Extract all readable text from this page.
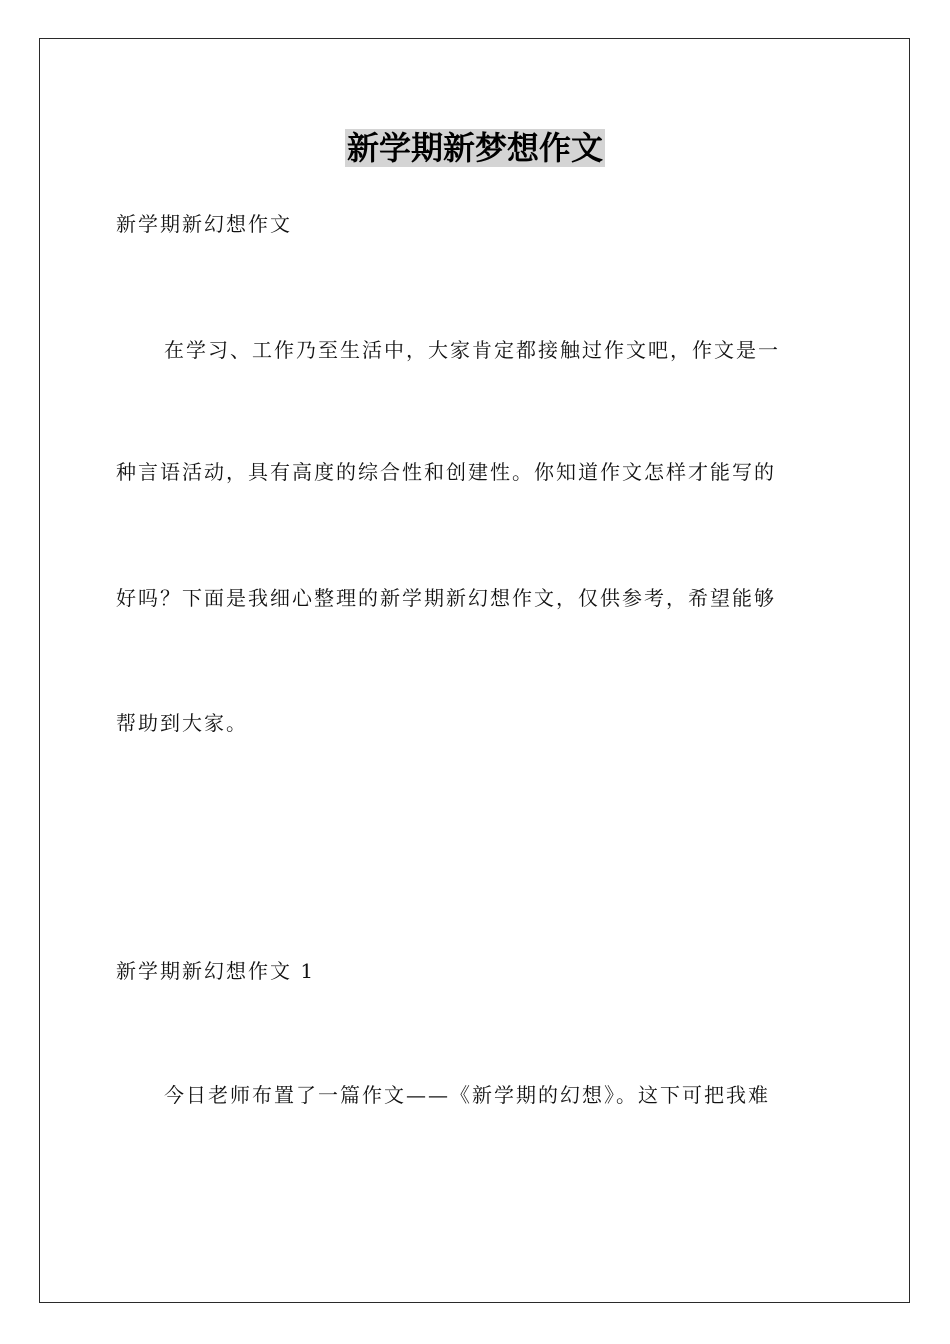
新学期新梦想作文
新学期新幻想作文
在学习、工作乃至生活中，大家肯定都接触过作文吧，作文是一
种言语活动，具有高度的综合性和创建性。你知道作文怎样才能写的
好吗？下面是我细心整理的新学期新幻想作文，仅供参考，希望能够
帮助到大家。
新学期新幻想作文 1
今日老师布置了一篇作文——《新学期的幻想》。这下可把我难
